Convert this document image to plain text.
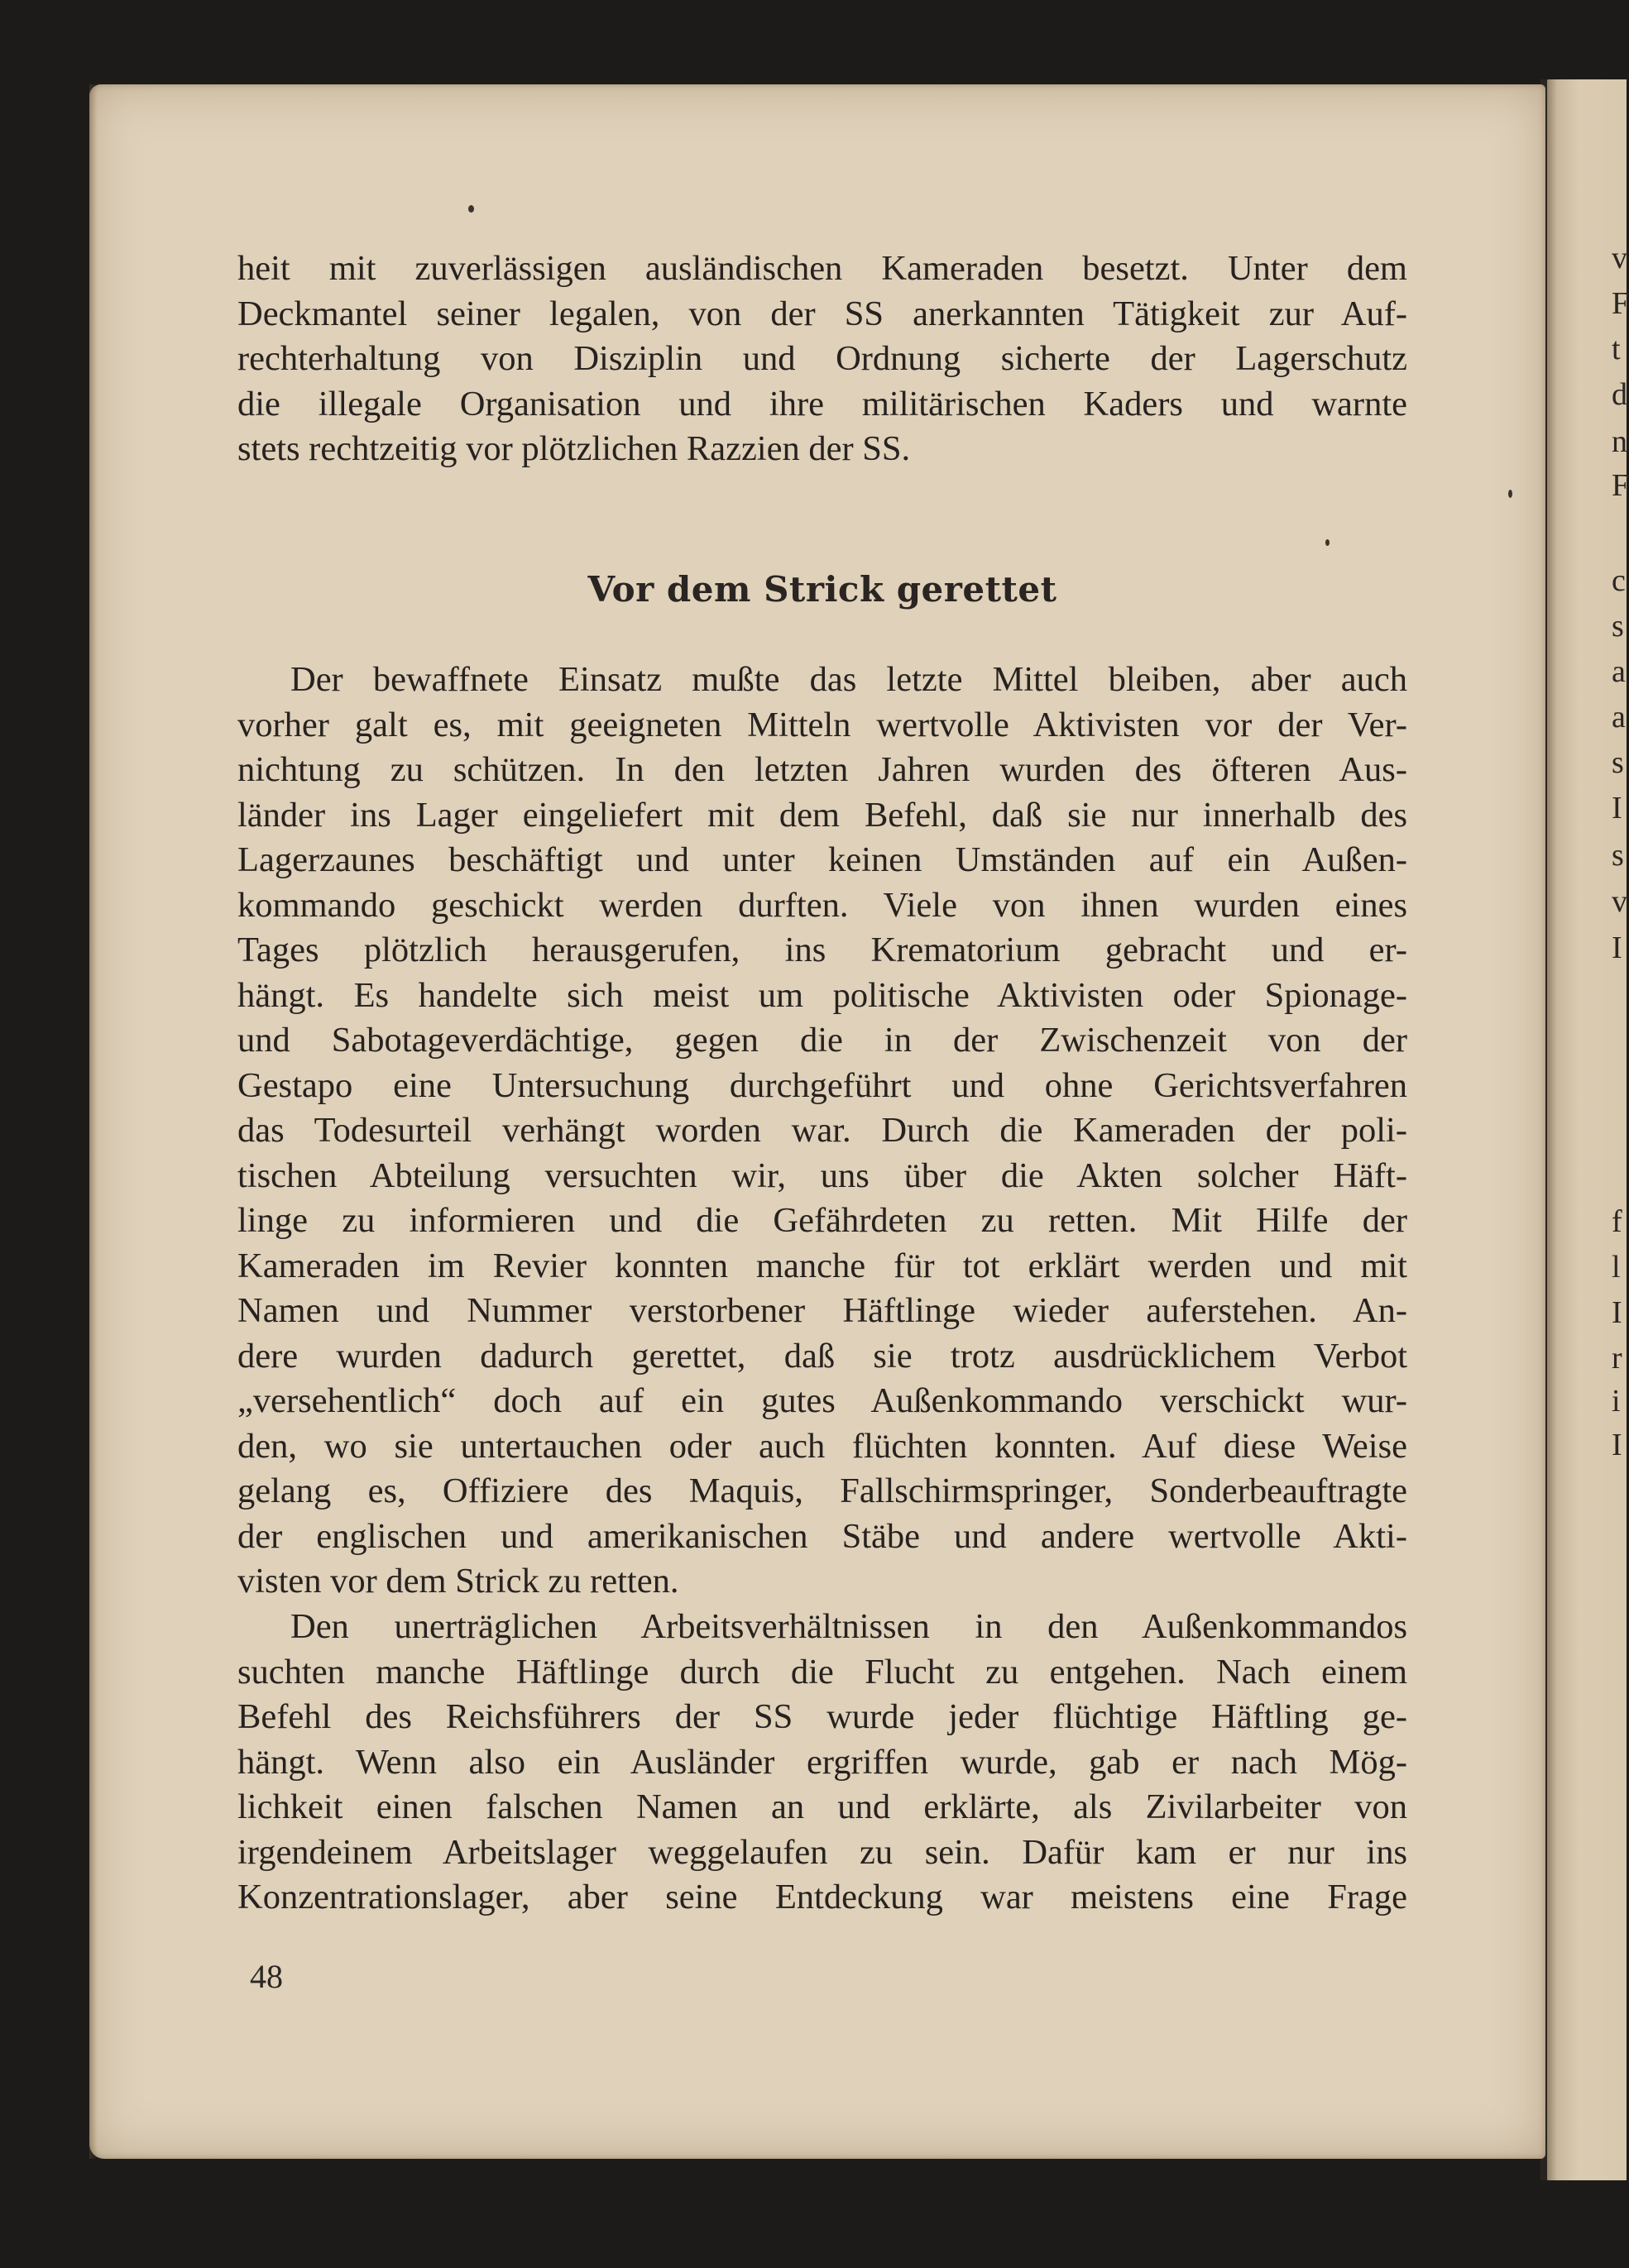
v
F
t
d
n
F
c
s
a
a
s
I
s
v
I
f
l
I
r
i
I
heit mit zuverlässigen ausländischen Kameraden besetzt. Unter dem
Deckmantel seiner legalen, von der SS anerkannten Tätigkeit zur Auf-
rechterhaltung von Disziplin und Ordnung sicherte der Lagerschutz
die illegale Organisation und ihre militärischen Kaders und warnte
stets rechtzeitig vor plötzlichen Razzien der SS.
Vor dem Strick gerettet
Der bewaffnete Einsatz mußte das letzte Mittel bleiben, aber auch
vorher galt es, mit geeigneten Mitteln wertvolle Aktivisten vor der Ver-
nichtung zu schützen. In den letzten Jahren wurden des öfteren Aus-
länder ins Lager eingeliefert mit dem Befehl, daß sie nur innerhalb des
Lagerzaunes beschäftigt und unter keinen Umständen auf ein Außen-
kommando geschickt werden durften. Viele von ihnen wurden eines
Tages plötzlich herausgerufen, ins Krematorium gebracht und er-
hängt. Es handelte sich meist um politische Aktivisten oder Spionage-
und Sabotageverdächtige, gegen die in der Zwischenzeit von der
Gestapo eine Untersuchung durchgeführt und ohne Gerichtsverfahren
das Todesurteil verhängt worden war. Durch die Kameraden der poli-
tischen Abteilung versuchten wir, uns über die Akten solcher Häft-
linge zu informieren und die Gefährdeten zu retten. Mit Hilfe der
Kameraden im Revier konnten manche für tot erklärt werden und mit
Namen und Nummer verstorbener Häftlinge wieder auferstehen. An-
dere wurden dadurch gerettet, daß sie trotz ausdrücklichem Verbot
„versehentlich“ doch auf ein gutes Außenkommando verschickt wur-
den, wo sie untertauchen oder auch flüchten konnten. Auf diese Weise
gelang es, Offiziere des Maquis, Fallschirmspringer, Sonderbeauftragte
der englischen und amerikanischen Stäbe und andere wertvolle Akti-
visten vor dem Strick zu retten.
Den unerträglichen Arbeitsverhältnissen in den Außenkommandos
suchten manche Häftlinge durch die Flucht zu entgehen. Nach einem
Befehl des Reichsführers der SS wurde jeder flüchtige Häftling ge-
hängt. Wenn also ein Ausländer ergriffen wurde, gab er nach Mög-
lichkeit einen falschen Namen an und erklärte, als Zivilarbeiter von
irgendeinem Arbeitslager weggelaufen zu sein. Dafür kam er nur ins
Konzentrationslager, aber seine Entdeckung war meistens eine Frage
48
